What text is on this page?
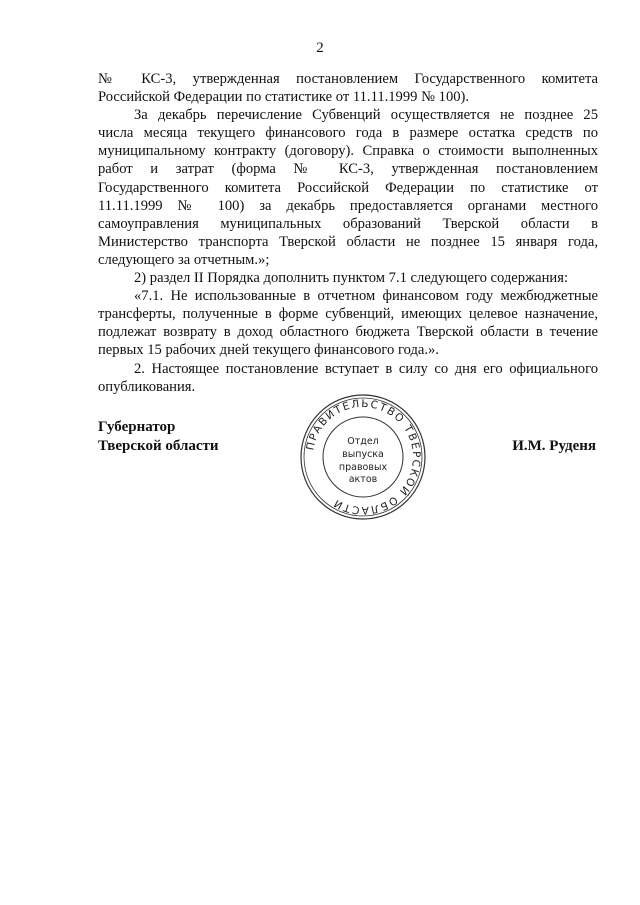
2
№ КС-3, утвержденная постановлением Государственного комитета
Российской Федерации по статистике от 11.11.1999 № 100).
За декабрь перечисление Субвенций осуществляется не позднее 25
числа месяца текущего финансового года в размере остатка средств по
муниципальному контракту (договору). Справка о стоимости выполненных
работ и затрат (форма № КС-3, утвержденная постановлением
Государственного комитета Российской Федерации по статистике от
11.11.1999 № 100) за декабрь предоставляется органами местного
самоуправления муниципальных образований Тверской области в
Министерство транспорта Тверской области не позднее 15 января года,
следующего за отчетным.»;
2) раздел II Порядка дополнить пунктом 7.1 следующего содержания:
«7.1. Не использованные в отчетном финансовом году межбюджетные
трансферты, полученные в форме субвенций, имеющих целевое назначение,
подлежат возврату в доход областного бюджета Тверской области в течение
первых 15 рабочих дней текущего финансового года.».
2. Настоящее постановление вступает в силу со дня его официального
опубликования.
Губернатор
Тверской области	ПРАВИТЕЛЬСТВО ТВЕРСКОЙ ОБЛАСТИ
Отдел
выпуска
правовых
актов
И.М. Руденя
